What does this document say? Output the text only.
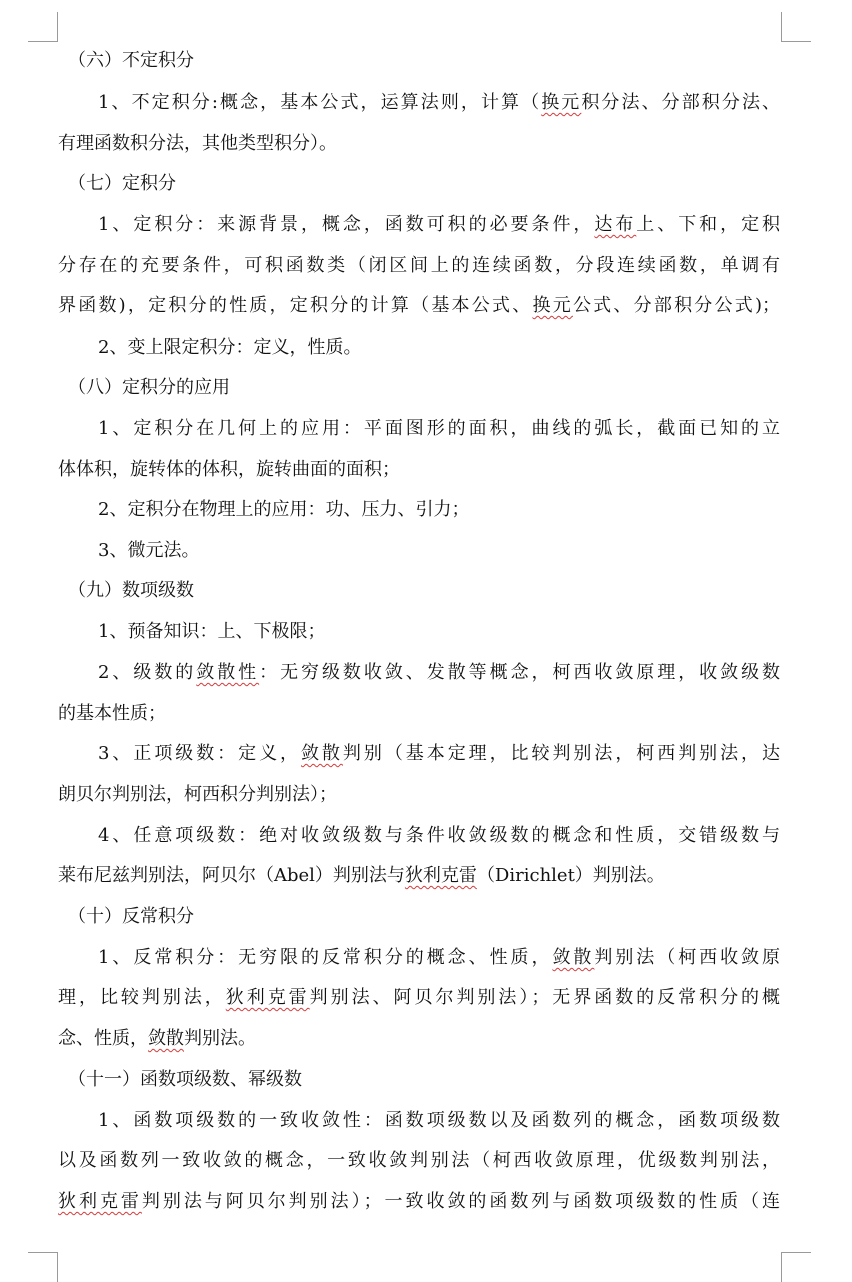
（六）不定积分
1、不定积分:概念，基本公式，运算法则，计算（换元积分法、分部积分法、
有理函数积分法，其他类型积分）。
（七）定积分
1、定积分：来源背景，概念，函数可积的必要条件，达布上、下和，定积
分存在的充要条件，可积函数类（闭区间上的连续函数，分段连续函数，单调有
界函数)，定积分的性质，定积分的计算（基本公式、换元公式、分部积分公式)；
2、变上限定积分：定义，性质。
（八）定积分的应用
1、定积分在几何上的应用：平面图形的面积，曲线的弧长，截面已知的立
体体积，旋转体的体积，旋转曲面的面积；
2、定积分在物理上的应用：功、压力、引力；
3、微元法。
（九）数项级数
1、预备知识：上、下极限；
2、级数的敛散性：无穷级数收敛、发散等概念，柯西收敛原理，收敛级数
的基本性质；
3、正项级数：定义，敛散判别（基本定理，比较判别法，柯西判别法，达
朗贝尔判别法，柯西积分判别法）；
4、任意项级数：绝对收敛级数与条件收敛级数的概念和性质，交错级数与
莱布尼兹判别法，阿贝尔（Abel）判别法与狄利克雷（Dirichlet）判别法。
（十）反常积分
1、反常积分：无穷限的反常积分的概念、性质，敛散判别法（柯西收敛原
理，比较判别法，狄利克雷判别法、阿贝尔判别法）；无界函数的反常积分的概
念、性质，敛散判别法。
（十一）函数项级数、幂级数
1、函数项级数的一致收敛性：函数项级数以及函数列的概念，函数项级数
以及函数列一致收敛的概念，一致收敛判别法（柯西收敛原理，优级数判别法，
狄利克雷判别法与阿贝尔判别法）；一致收敛的函数列与函数项级数的性质（连
